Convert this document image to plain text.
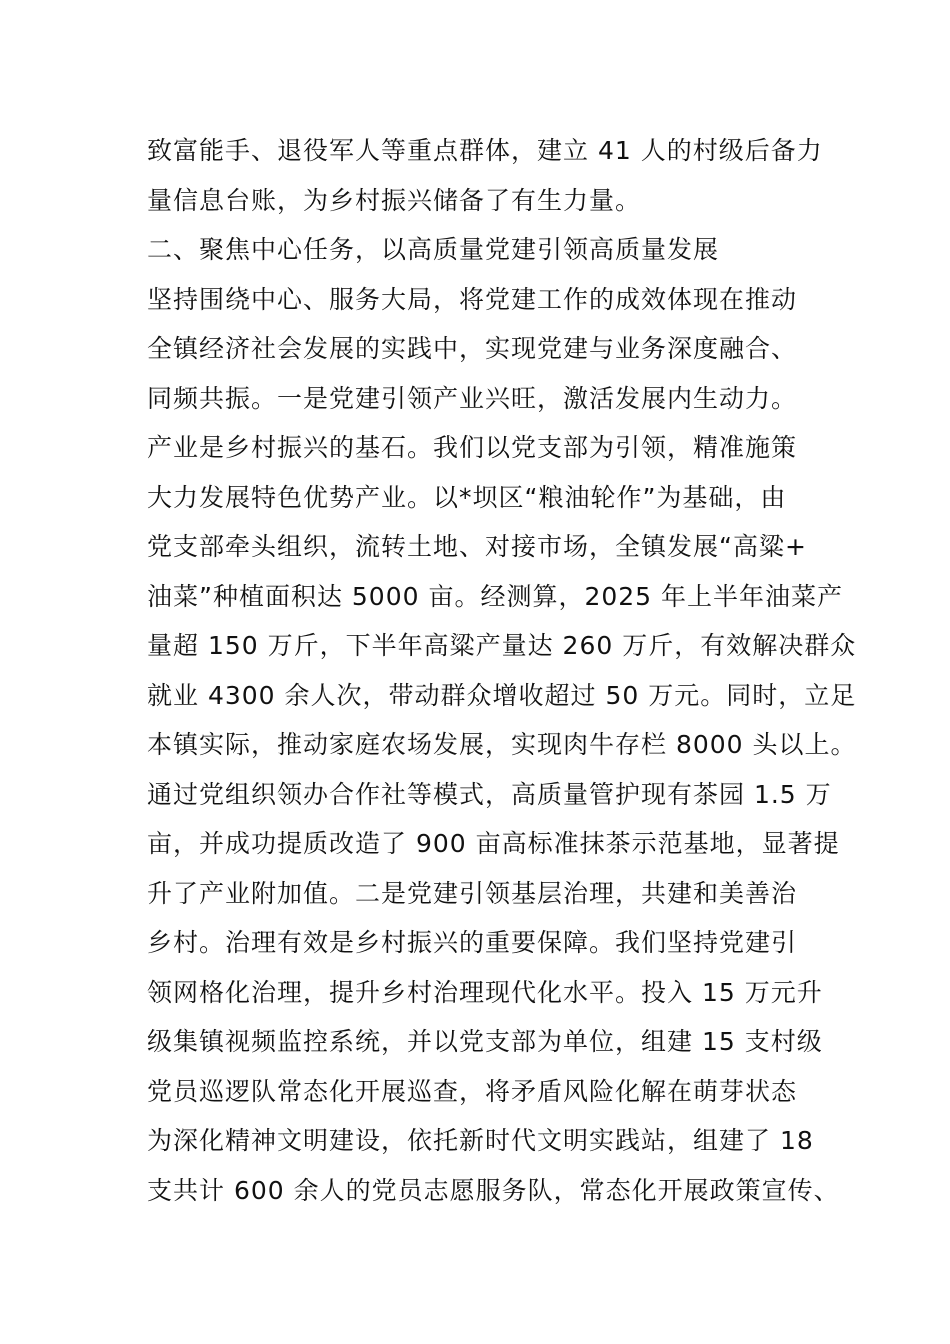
致富能手、退役军人等重点群体，建立 41 人的村级后备力
量信息台账，为乡村振兴储备了有生力量。
二、聚焦中心任务，以高质量党建引领高质量发展
坚持围绕中心、服务大局，将党建工作的成效体现在推动
全镇经济社会发展的实践中，实现党建与业务深度融合、
同频共振。一是党建引领产业兴旺，激活发展内生动力。
产业是乡村振兴的基石。我们以党支部为引领，精准施策
大力发展特色优势产业。以*坝区“粮油轮作”为基础，由
党支部牵头组织，流转土地、对接市场，全镇发展“高粱+
油菜”种植面积达 5000 亩。经测算，2025 年上半年油菜产
量超 150 万斤，下半年高粱产量达 260 万斤，有效解决群众
就业 4300 余人次，带动群众增收超过 50 万元。同时，立足
本镇实际，推动家庭农场发展，实现肉牛存栏 8000 头以上。
通过党组织领办合作社等模式，高质量管护现有茶园 1.5 万
亩，并成功提质改造了 900 亩高标准抹茶示范基地，显著提
升了产业附加值。二是党建引领基层治理，共建和美善治
乡村。治理有效是乡村振兴的重要保障。我们坚持党建引
领网格化治理，提升乡村治理现代化水平。投入 15 万元升
级集镇视频监控系统，并以党支部为单位，组建 15 支村级
党员巡逻队常态化开展巡查，将矛盾风险化解在萌芽状态
为深化精神文明建设，依托新时代文明实践站，组建了 18
支共计 600 余人的党员志愿服务队，常态化开展政策宣传、
